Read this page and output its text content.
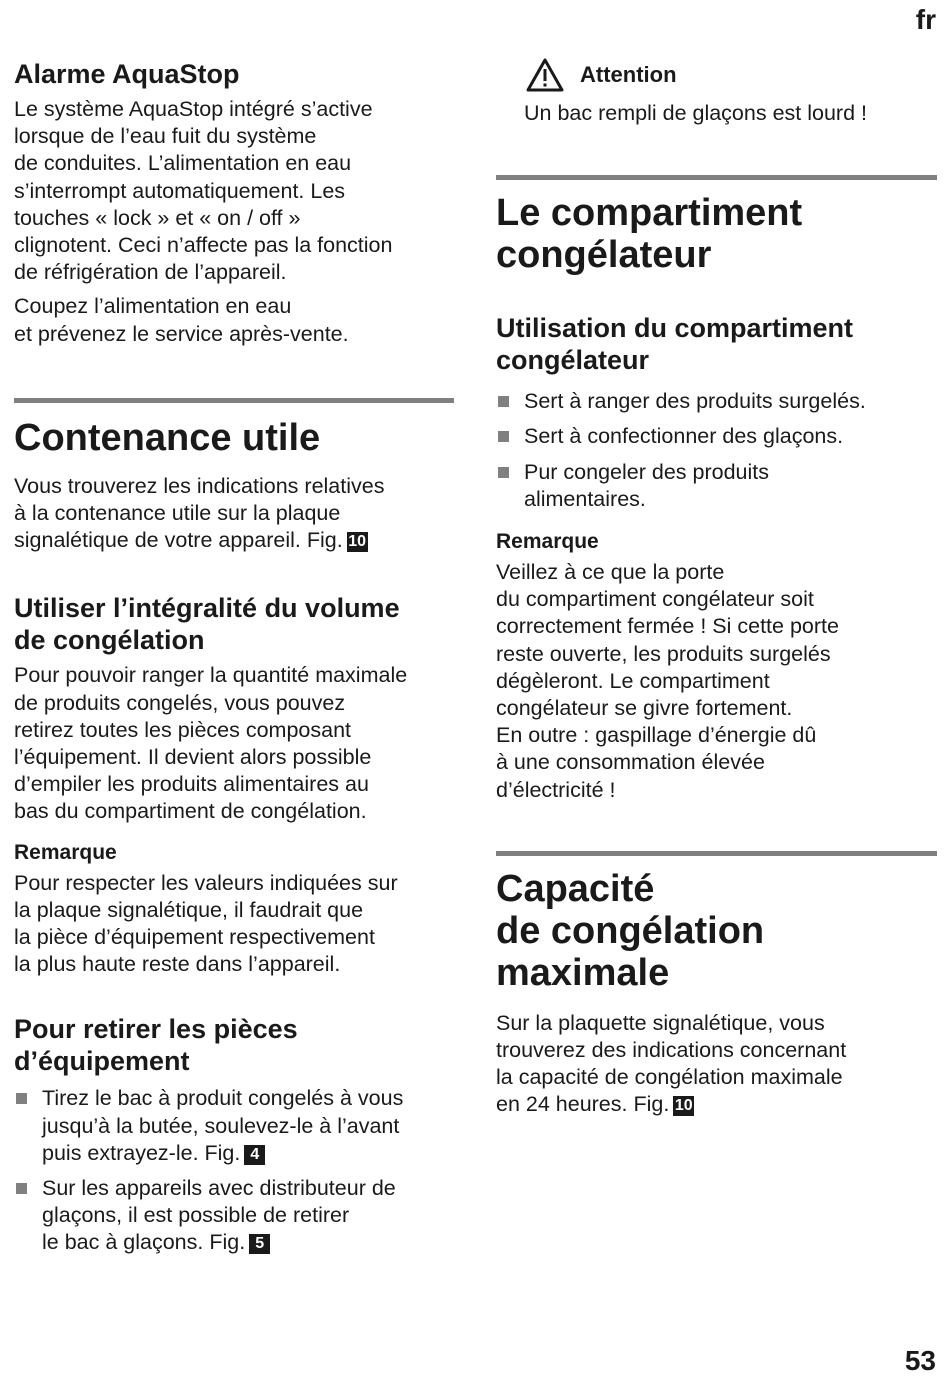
fr
Alarme AquaStop

Le système AquaStop intégré s’active
lorsque de l’eau fuit du système
de conduites. L’alimentation en eau
s’interrompt automatiquement. Les
touches « lock » et « on / off »
clignotent. Ceci n’affecte pas la fonction
de réfrigération de l’appareil.

Coupez l’alimentation en eau
et prévenez le service après-vente.

Contenance utile

Vous trouverez les indications relatives
à la contenance utile sur la plaque
signalétique de votre appareil. Fig. 10

Utiliser l’intégralité du volume
de congélation

Pour pouvoir ranger la quantité maximale
de produits congelés, vous pouvez
retirez toutes les pièces composant
l’équipement. Il devient alors possible
d’empiler les produits alimentaires au
bas du compartiment de congélation.

Remarque

Pour respecter les valeurs indiquées sur
la plaque signalétique, il faudrait que
la pièce d’équipement respectivement
la plus haute reste dans l’appareil.

Pour retirer les pièces
d’équipement
Tirez le bac à produit congelés à vous
jusqu’à la butée, soulevez-le à l’avant
puis extrayez-le. Fig. 4
Sur les appareils avec distributeur de
glaçons, il est possible de retirer
le bac à glaçons. Fig. 5
Attention

Un bac rempli de glaçons est lourd !

Le compartiment
congélateur
Utilisation du compartiment
congélateur
Sert à ranger des produits surgelés.
Sert à confectionner des glaçons.
Pur congeler des produits
alimentaires.
Remarque

Veillez à ce que la porte
du compartiment congélateur soit
correctement fermée ! Si cette porte
reste ouverte, les produits surgelés
dégèleront. Le compartiment
congélateur se givre fortement.
En outre : gaspillage d’énergie dû
à une consommation élevée
d’électricité !

Capacité
de congélation
maximale

Sur la plaquette signalétique, vous
trouverez des indications concernant
la capacité de congélation maximale
en 24 heures. Fig. 10

53
